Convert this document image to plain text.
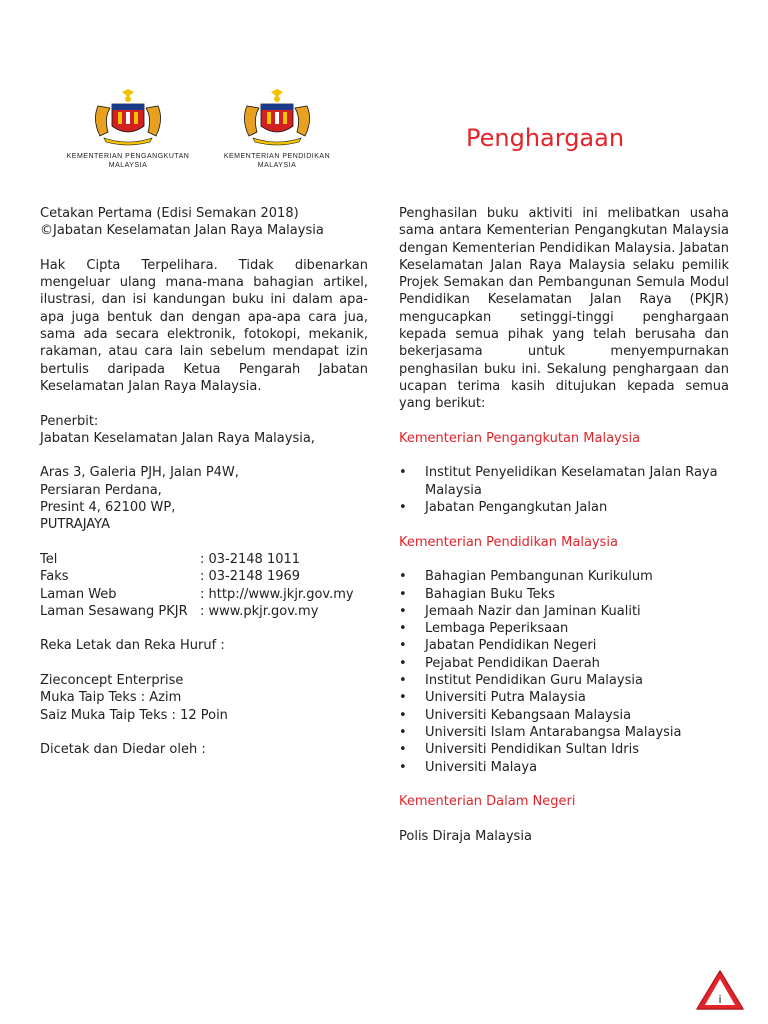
KEMENTERIAN PENGANGKUTAN
MALAYSIA
KEMENTERIAN PENDIDIKAN
MALAYSIA
Penghargaan
Cetakan Pertama (Edisi Semakan 2018)
©Jabatan Keselamatan Jalan Raya Malaysia

Hak Cipta Terpelihara. Tidak dibenarkan mengeluar ulang mana-mana bahagian artikel, ilustrasi, dan isi kandungan buku ini dalam apa-apa juga bentuk dan dengan apa-apa cara jua, sama ada secara elektronik, fotokopi, mekanik, rakaman, atau cara lain sebelum mendapat izin bertulis daripada Ketua Pengarah Jabatan Keselamatan Jalan Raya Malaysia.

Penerbit:
Jabatan Keselamatan Jalan Raya Malaysia,
Aras 3, Galeria PJH, Jalan P4W,
Persiaran Perdana,
Presint 4, 62100 WP,
PUTRAJAYA
Tel	: 03-2148 1011
Faks	: 03-2148 1969
Laman Web	: http://www.jkjr.gov.my
Laman Sesawang PKJR : www.pkjr.gov.my
Reka Letak dan Reka Huruf :
Zieconcept Enterprise
Muka Taip Teks : Azim
Saiz Muka Taip Teks : 12 Poin
Dicetak dan Diedar oleh :

Penghasilan buku aktiviti ini melibatkan usaha sama antara Kementerian Pengangkutan Malaysia dengan Kementerian Pendidikan Malaysia. Jabatan Keselamatan Jalan Raya Malaysia selaku pemilik Projek Semakan dan Pembangunan Semula Modul Pendidikan Keselamatan Jalan Raya (PKJR) mengucapkan setinggi-tinggi penghargaan kepada semua pihak yang telah berusaha dan bekerjasama untuk menyempurnakan penghasilan buku ini. Sekalung penghargaan dan ucapan terima kasih ditujukan kepada semua yang berikut:

Kementerian Pengangkutan Malaysia

•	Institut Penyelidikan Keselamatan Jalan Raya Malaysia
•	Jabatan Pengangkutan Jalan

Kementerian Pendidikan Malaysia

•	Bahagian Pembangunan Kurikulum
•	Bahagian Buku Teks
•	Jemaah Nazir dan Jaminan Kualiti
•	Lembaga Peperiksaan
•	Jabatan Pendidikan Negeri
•	Pejabat Pendidikan Daerah
•	Institut Pendidikan Guru Malaysia
•	Universiti Putra Malaysia
•	Universiti Kebangsaan Malaysia
•	Universiti Islam Antarabangsa Malaysia
•	Universiti Pendidikan Sultan Idris
•	Universiti Malaya

Kementerian Dalam Negeri

Polis Diraja Malaysia
i
